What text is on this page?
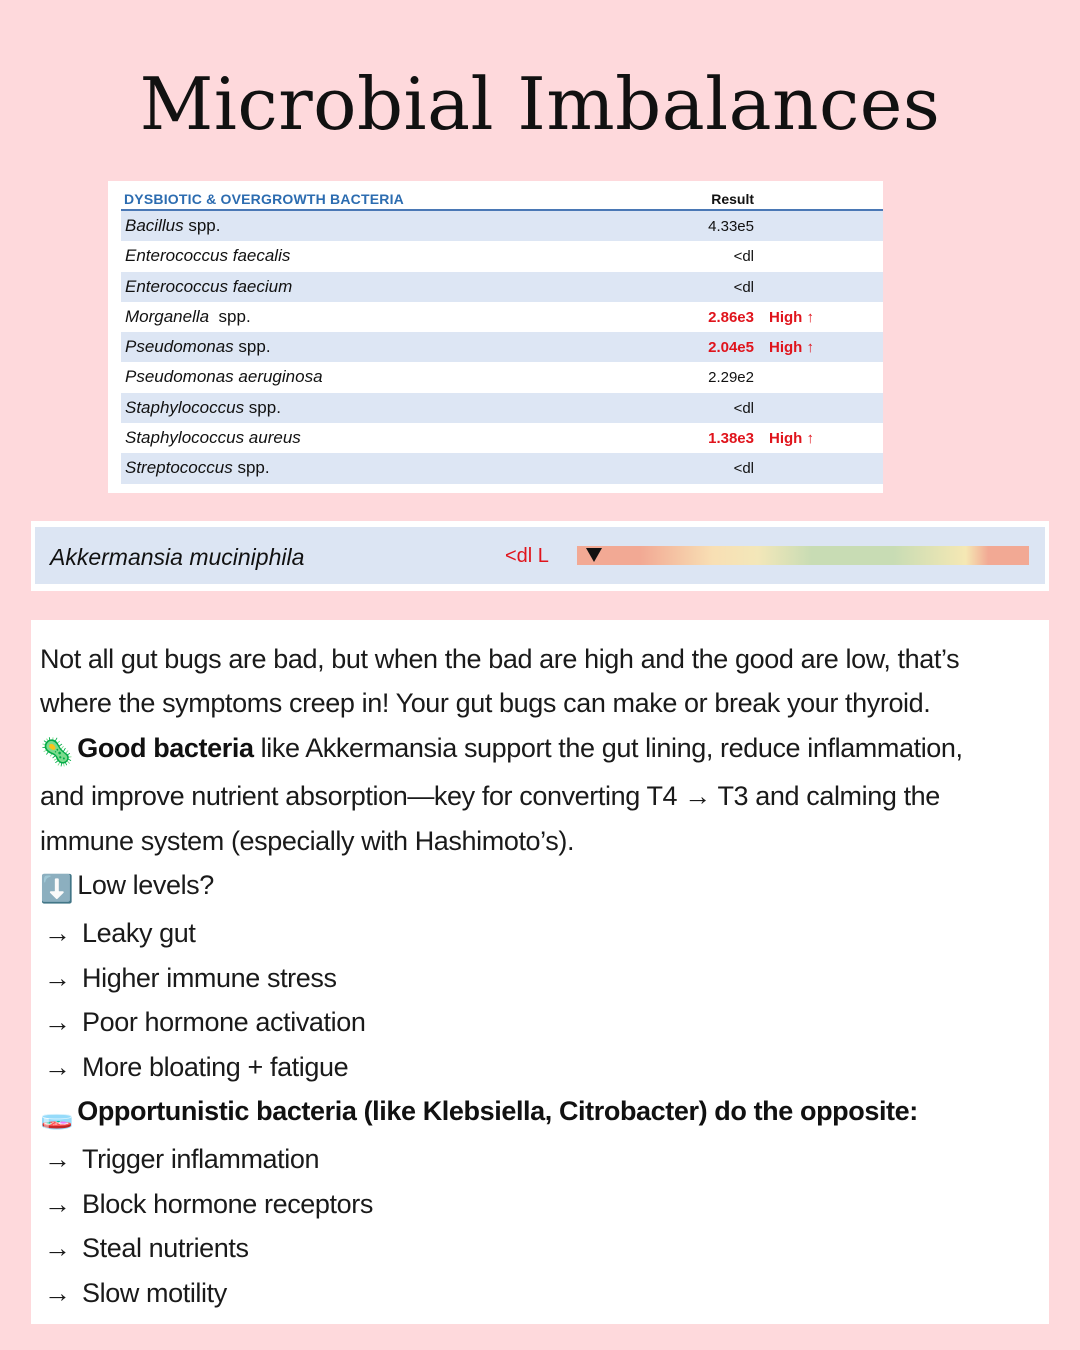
Microbial Imbalances
DYSBIOTIC & OVERGROWTH BACTERIA	Result
Bacillus spp.	4.33e5
Enterococcus faecalis	<dl
Enterococcus faecium	<dl
Morganella  spp.	2.86e3 High ↑
Pseudomonas spp.	2.04e5 High ↑
Pseudomonas aeruginosa	2.29e2
Staphylococcus spp.	<dl
Staphylococcus aureus	1.38e3 High ↑
Streptococcus spp.	<dl
Akkermansia muciniphila	<dl L

Not all gut bugs are bad, but when the bad are high and the good are low, that’s

where the symptoms creep in! Your gut bugs can make or break your thyroid.

🦠 Good bacteria like Akkermansia support the gut lining, reduce inflammation,

and improve nutrient absorption—key for converting T4 → T3 and calming the

immune system (especially with Hashimoto’s).

⬇️ Low levels?

→ Leaky gut

→ Higher immune stress

→ Poor hormone activation

→ More bloating + fatigue

🧫 Opportunistic bacteria (like Klebsiella, Citrobacter) do the opposite:

→ Trigger inflammation

→ Block hormone receptors

→ Steal nutrients

→ Slow motility
